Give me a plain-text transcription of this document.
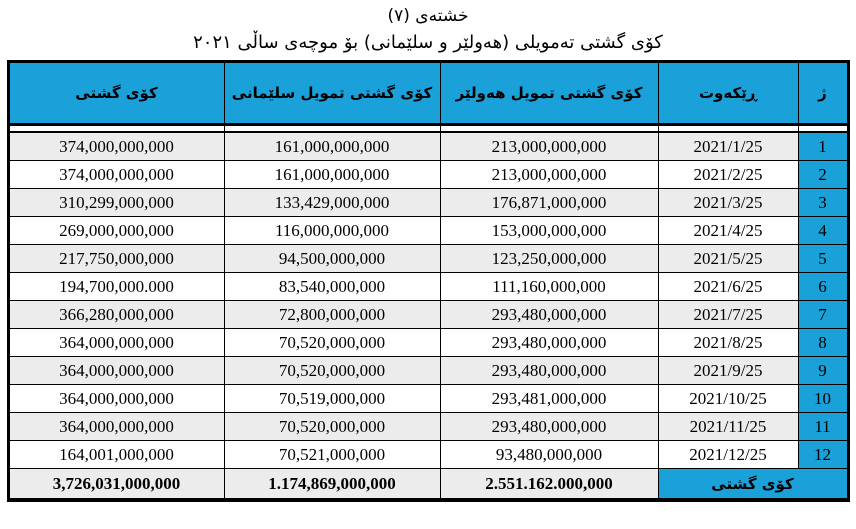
خشتەی (٧)
کۆی گشتی تەمویلی (هەولێر و سلێمانی) بۆ موچەی ساڵی ٢٠٢١
ژ	ڕێکەوت	کۆی گشتی تمویل هەولێر	کۆی گشتی تمویل سلێمانی	کۆی گشتی

1	2021/1/25	213,000,000,000	161,000,000,000	374,000,000,000
2	2021/2/25	213,000,000,000	161,000,000,000	374,000,000,000
3	2021/3/25	176,871,000,000	133,429,000,000	310,299,000,000
4	2021/4/25	153,000,000,000	116,000,000,000	269,000,000,000
5	2021/5/25	123,250,000,000	94,500,000,000	217,750,000,000
6	2021/6/25	111,160,000,000	83,540,000,000	194,700,000.000
7	2021/7/25	293,480,000,000	72,800,000,000	366,280,000,000
8	2021/8/25	293,480,000,000	70,520,000,000	364,000,000,000
9	2021/9/25	293,480,000,000	70,520,000,000	364,000,000,000
10	2021/10/25	293,481,000,000	70,519,000,000	364,000,000,000
11	2021/11/25	293,480,000,000	70,520,000,000	364,000,000,000
12	2021/12/25	93,480,000,000	70,521,000,000	164,001,000,000
کۆی گشتی		2.551.162.000,000	1.174,869,000,000	3,726,031,000,000
